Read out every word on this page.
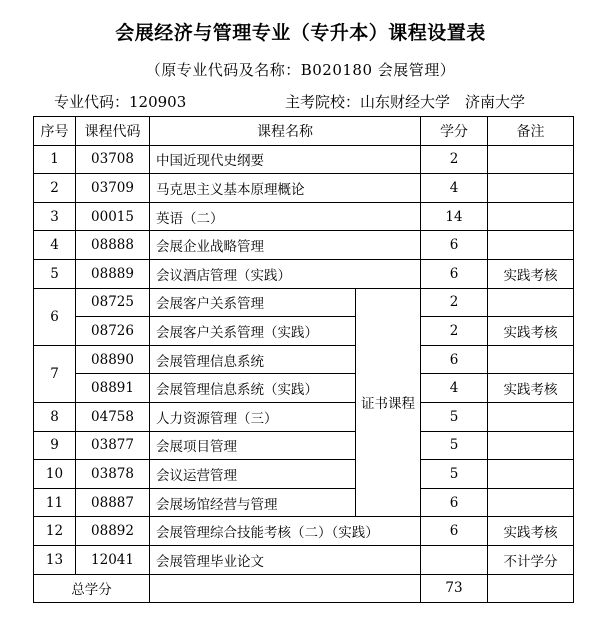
会展经济与管理专业（专升本）课程设置表
（原专业代码及名称：B020180 会展管理）
专业代码：120903	主考院校：山东财经大学　济南大学
序号	课程代码	课程名称		学分	备注
1	03708	中国近现代史纲要		2	
2	03709	马克思主义基本原理概论		4	
3	00015	英语（二）		14	
4	08888	会展企业战略管理		6	
5	08889	会议酒店管理（实践）		6	实践考核
6	08725	会展客户关系管理	证书课程	2	
	08726	会展客户关系管理（实践）		2	实践考核
7	08890	会展管理信息系统		6	
	08891	会展管理信息系统（实践）		4	实践考核
8	04758	人力资源管理（三）		5	
9	03877	会展项目管理		5	
10	03878	会议运营管理		5	
11	08887	会展场馆经营与管理		6	
12	08892	会展管理综合技能考核（二）（实践）		6	实践考核
13	12041	会展管理毕业论文			不计学分
总学分				73	
